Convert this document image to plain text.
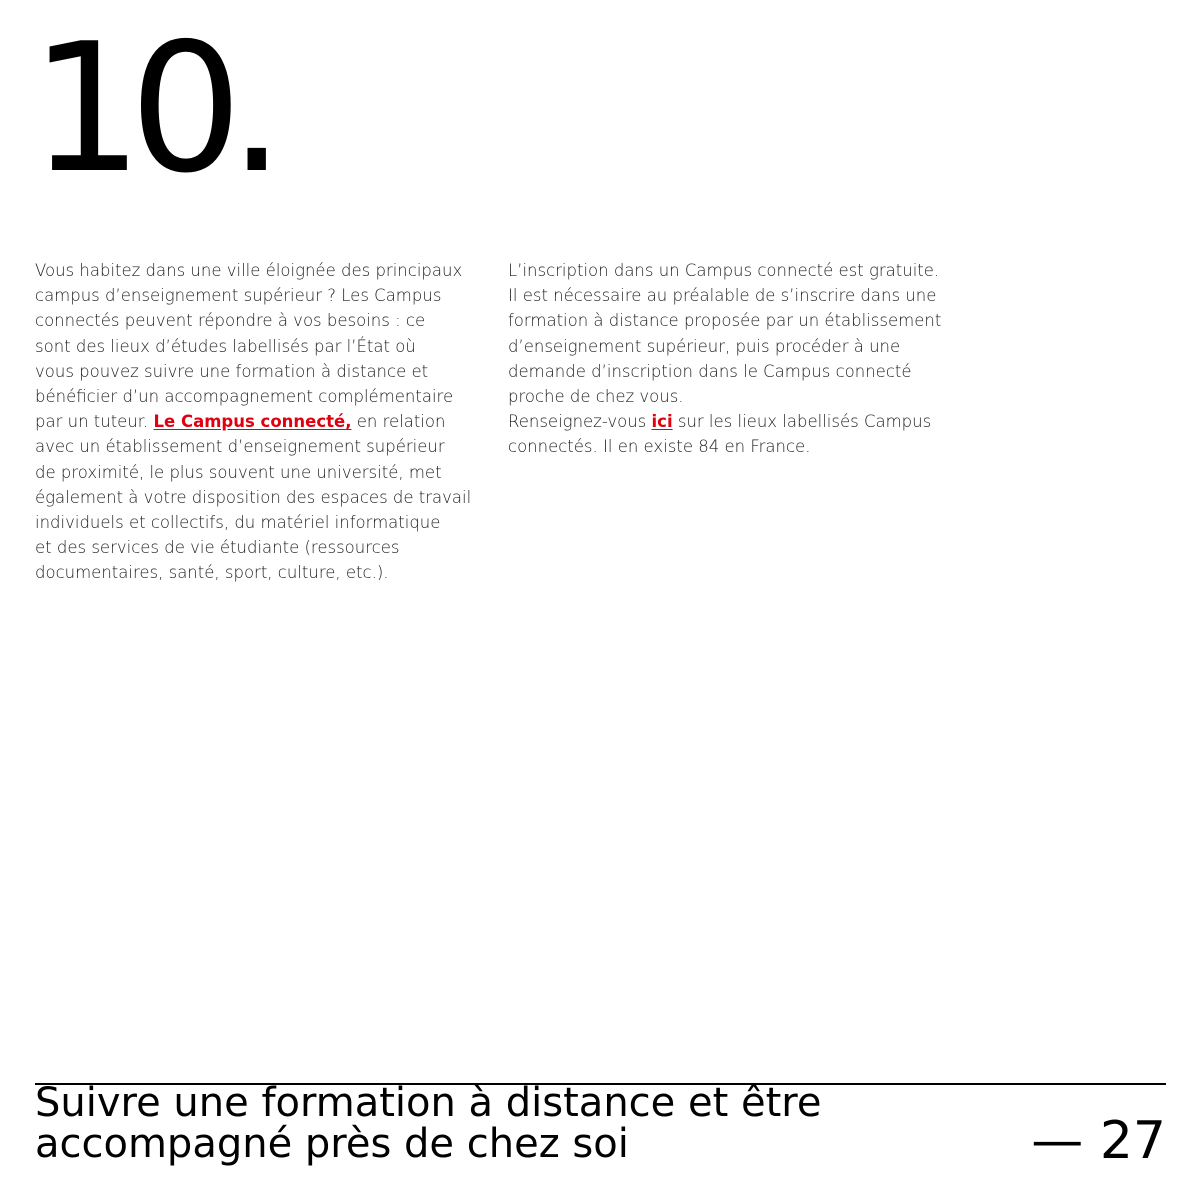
10.

Vous habitez dans une ville éloignée des principaux

campus d’enseignement supérieur ? Les Campus

connectés peuvent répondre à vos besoins : ce

sont des lieux d’études labellisés par l’État où

vous pouvez suivre une formation à distance et

bénéficier d’un accompagnement complémentaire

par un tuteur. Le Campus connecté, en relation

avec un établissement d’enseignement supérieur

de proximité, le plus souvent une université, met

également à votre disposition des espaces de travail

individuels et collectifs, du matériel informatique

et des services de vie étudiante (ressources

documentaires, santé, sport, culture, etc.).

L’inscription dans un Campus connecté est gratuite.

Il est nécessaire au préalable de s’inscrire dans une

formation à distance proposée par un établissement

d’enseignement supérieur, puis procéder à une

demande d’inscription dans le Campus connecté

proche de chez vous.

Renseignez-vous ici sur les lieux labellisés Campus

connectés. Il en existe 84 en France.

Suivre une formation à distance et être
accompagné près de chez soi	— 27
